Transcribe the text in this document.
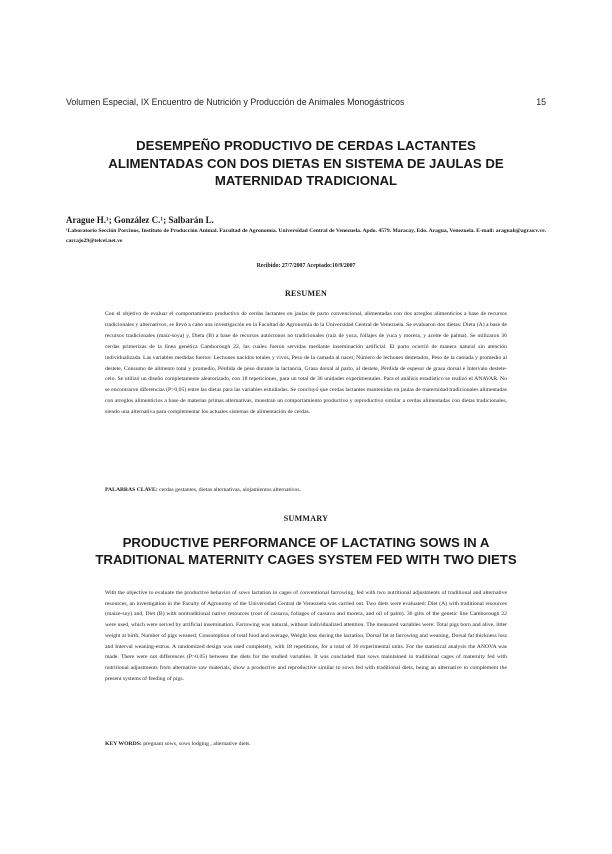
Volumen Especial, IX Encuentro de Nutrición y Producción de Animales Monogástricos	15
DESEMPEÑO PRODUCTIVO DE CERDAS LACTANTES ALIMENTADAS CON DOS DIETAS EN SISTEMA DE JAULAS DE MATERNIDAD TRADICIONAL
Arague H.¹; González C.¹; Salbarán L.
¹Laboratorio Sección Porcinos, Instituto de Producción Animal. Facultad de Agronomía. Universidad Central de Venezuela. Apdo. 4579. Maracay, Edo. Aragua, Venezuela. E-mail: araguah@agr.ucv.ve. carcajo29@telcel.net.ve
Recibido: 27/7/2007 Aceptado:10/9/2007
RESUMEN
Con el objetivo de evaluar el comportamiento productivo de cerdas lactantes en jaulas de parto convencional, alimentadas con dos arreglos alimenticios a base de recursos tradicionales y alternativos, se llevó a cabo una investigación en la Facultad de Agronomía de la Universidad Central de Venezuela. Se evaluaron dos dietas: Dieta (A) a base de recursos tradicionales (maíz-soya) y, Dieta (B) a base de recursos autóctonos no tradicionales (raíz de yuca, follajes de yuca y morera, y aceite de palma). Se utilizaron 36 cerdas primerizas de la línea genética Camborough 22, las cuales fueron servidas mediante inseminación artificial. El parto ocurrió de manera natural sin atención individualizada. Las variables medidas fueron: Lechones nacidos totales y vivos, Peso de la camada al nacer, Número de lechones destetados, Peso de la camada y promedio al destete, Consumo de alimento total y promedio, Pérdida de peso durante la lactancia, Grasa dorsal al parto, al destete, Pérdida de espesor de grasa dorsal e Intervalo destete-celo. Se utilizó un diseño completamente aleatorizado, con 18 repeticiones, para un total de 36 unidades experimentales. Para el análisis estadístico se realizó el ANAVAR. No se encontraron diferencias (P>0,05) entre las dietas para las variables estudiadas. Se concluyó que cerdas lactantes mantenidas en jaulas de maternidad tradicionales alimentadas con arreglos alimenticios a base de materias primas alternativas, muestran un comportamiento productivo y reproductivo similar a cerdas alimentadas con dietas tradicionales, siendo una alternativa para complementar los actuales sistemas de alimentación de cerdas.
PALABRAS CLAVE: cerdas gestantes, dietas alternativas, alojamientos alternativos.
SUMMARY
PRODUCTIVE PERFORMANCE OF LACTATING SOWS IN A TRADITIONAL MATERNITY CAGES SYSTEM FED WITH TWO DIETS
With the objective to evaluate the productive behavior of sows lactation in cages of conventional farrowing, fed with two nutritional adjustments of traditional and alternative resources, an investigation in the Faculty of Agronomy of the Universidad Central de Venezuela was carried out. Two diets were evaluated: Diet (A) with traditional resources (maize-soy) and, Diet (B) with nontraditional native resources (root of cassava, foliages of cassava and morera, and oil of palm). 36 gilts of the genetic line Camborough 22 were used, which were served by artificial insemination. Farrowing was natural, without individualized attention. The measured variables were: Total pigs born and alive, litter weight at birth, Number of pigs weaned, Consumption of total food and average, Weight loss during the lactation, Dorsal fat at farrowing and weaning, Dorsal fat thickness loss and Interval weaning-estrus. A randomized design was used completely, with 18 repetitions, for a total of 36 experimental units. For the statistical analysis the ANOVA was made. There were not differences (P>0.05) between the diets for the studied variables. It was concluded that sows maintained in traditional cages of maternity fed with nutritional adjustments from alternative raw materials, show a productive and reproductive similar to sows fed with traditional diets, being an alternative to complement the present systems of feeding of pigs.
KEY WORDS: pregnant sows, sows lodging , alternative diets.
